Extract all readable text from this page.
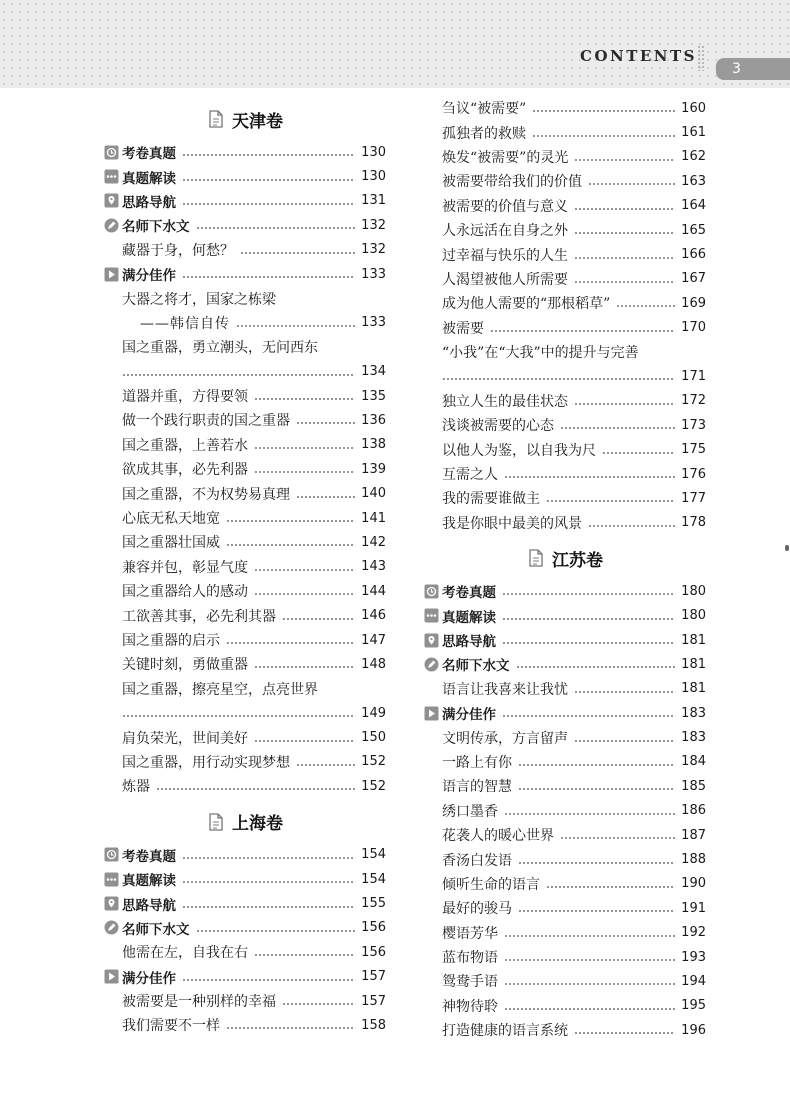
CONTENTS
3
天津卷
考卷真题	130
真题解读	130
思路导航	131
名师下水文	132
藏器于身，何愁？	132
满分佳作	133
大器之将才，国家之栋梁
——韩信自传	133
国之重器，勇立潮头，无问西东
134
道器并重，方得要领	135
做一个践行职责的国之重器	136
国之重器，上善若水	138
欲成其事，必先利器	139
国之重器，不为权势易真理	140
心底无私天地宽	141
国之重器壮国威	142
兼容并包，彰显气度	143
国之重器给人的感动	144
工欲善其事，必先利其器	146
国之重器的启示	147
关键时刻，勇做重器	148
国之重器，擦亮星空，点亮世界
149
肩负荣光，世间美好	150
国之重器，用行动实现梦想	152
炼器	152
上海卷
考卷真题	154
真题解读	154
思路导航	155
名师下水文	156
他需在左，自我在右	156
满分佳作	157
被需要是一种别样的幸福	157
我们需要不一样	158
刍议“被需要”	160
孤独者的救赎	161
焕发“被需要”的灵光	162
被需要带给我们的价值	163
被需要的价值与意义	164
人永远活在自身之外	165
过幸福与快乐的人生	166
人渴望被他人所需要	167
成为他人需要的“那根稻草”	169
被需要	170
“小我”在“大我”中的提升与完善
171
独立人生的最佳状态	172
浅谈被需要的心态	173
以他人为鉴，以自我为尺	175
互需之人	176
我的需要谁做主	177
我是你眼中最美的风景	178
江苏卷
考卷真题	180
真题解读	180
思路导航	181
名师下水文	181
语言让我喜来让我忧	181
满分佳作	183
文明传承，方言留声	183
一路上有你	184
语言的智慧	185
绣口墨香	186
花袭人的暖心世界	187
香汤白发语	188
倾听生命的语言	190
最好的骏马	191
樱语芳华	192
蓝布物语	193
鸳鸯手语	194
神物待聆	195
打造健康的语言系统	196
